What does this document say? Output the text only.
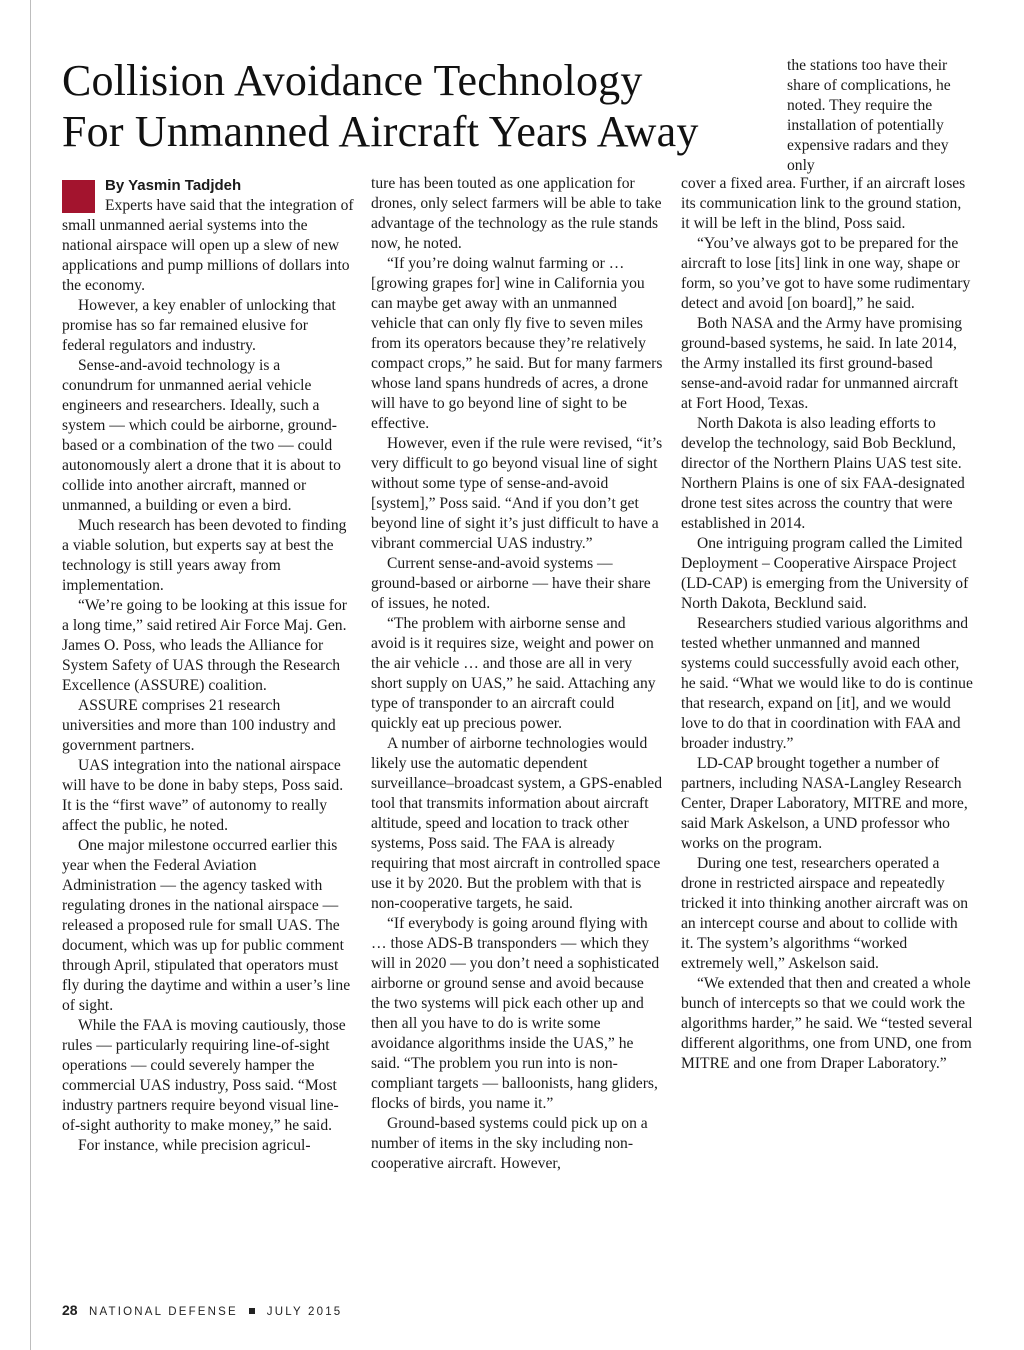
Collision Avoidance Technology
For Unmanned Aircraft Years Away

the stations too have their share of complications, he noted. They require the installation of potentially expensive radars and they only

By Yasmin Tadjdeh

Experts have said that the integration of small unmanned aerial systems into the national airspace will open up a slew of new applications and pump millions of dollars into the economy.

However, a key enabler of unlocking that promise has so far remained elusive for federal regulators and industry.

Sense-and-avoid technology is a conundrum for unmanned aerial vehicle engineers and researchers. Ideally, such a system — which could be airborne, ground-based or a combination of the two — could autonomously alert a drone that it is about to collide into another aircraft, manned or unmanned, a building or even a bird.

Much research has been devoted to finding a viable solution, but experts say at best the technology is still years away from implementation.

“We’re going to be looking at this issue for a long time,” said retired Air Force Maj. Gen. James O. Poss, who leads the Alliance for System Safety of UAS through the Research Excellence (ASSURE) coalition.

ASSURE comprises 21 research universities and more than 100 industry and government partners.

UAS integration into the national airspace will have to be done in baby steps, Poss said. It is the “first wave” of autonomy to really affect the public, he noted.

One major milestone occurred earlier this year when the Federal Aviation Administration — the agency tasked with regulating drones in the national airspace — released a proposed rule for small UAS. The document, which was up for public comment through April, stipulated that operators must fly during the daytime and within a user’s line of sight.

While the FAA is moving cautiously, those rules — particularly requiring line-of-sight operations — could severely hamper the commercial UAS industry, Poss said. “Most industry partners require beyond visual line-of-sight authority to make money,” he said.

For instance, while precision agricul-

ture has been touted as one application for drones, only select farmers will be able to take advantage of the technology as the rule stands now, he noted.

“If you’re doing walnut farming or … [growing grapes for] wine in California you can maybe get away with an unmanned vehicle that can only fly five to seven miles from its operators because they’re relatively compact crops,” he said. But for many farmers whose land spans hundreds of acres, a drone will have to go beyond line of sight to be effective.

However, even if the rule were revised, “it’s very difficult to go beyond visual line of sight without some type of sense-and-avoid [system],” Poss said. “And if you don’t get beyond line of sight it’s just difficult to have a vibrant commercial UAS industry.”

Current sense-and-avoid systems — ground-based or airborne — have their share of issues, he noted.

“The problem with airborne sense and avoid is it requires size, weight and power on the air vehicle … and those are all in very short supply on UAS,” he said. Attaching any type of transponder to an aircraft could quickly eat up precious power.

A number of airborne technologies would likely use the automatic dependent surveillance–broadcast system, a GPS-enabled tool that transmits information about aircraft altitude, speed and location to track other systems, Poss said. The FAA is already requiring that most aircraft in controlled space use it by 2020. But the problem with that is non-cooperative targets, he said.

“If everybody is going around flying with … those ADS-B transponders — which they will in 2020 — you don’t need a sophisticated airborne or ground sense and avoid because the two systems will pick each other up and then all you have to do is write some avoidance algorithms inside the UAS,” he said. “The problem you run into is non-compliant targets — balloonists, hang gliders, flocks of birds, you name it.”

Ground-based systems could pick up on a number of items in the sky including non-cooperative aircraft. However,

cover a fixed area. Further, if an aircraft loses its communication link to the ground station, it will be left in the blind, Poss said.

“You’ve always got to be prepared for the aircraft to lose [its] link in one way, shape or form, so you’ve got to have some rudimentary detect and avoid [on board],” he said.

Both NASA and the Army have promising ground-based systems, he said. In late 2014, the Army installed its first ground-based sense-and-avoid radar for unmanned aircraft at Fort Hood, Texas.

North Dakota is also leading efforts to develop the technology, said Bob Becklund, director of the Northern Plains UAS test site. Northern Plains is one of six FAA-designated drone test sites across the country that were established in 2014.

One intriguing program called the Limited Deployment – Cooperative Airspace Project (LD-CAP) is emerging from the University of North Dakota, Becklund said.

Researchers studied various algorithms and tested whether unmanned and manned systems could successfully avoid each other, he said. “What we would like to do is continue that research, expand on [it], and we would love to do that in coordination with FAA and broader industry.”

LD-CAP brought together a number of partners, including NASA-Langley Research Center, Draper Laboratory, MITRE and more, said Mark Askelson, a UND professor who works on the program.

During one test, researchers operated a drone in restricted airspace and repeatedly tricked it into thinking another aircraft was on an intercept course and about to collide with it. The system’s algorithms “worked extremely well,” Askelson said.

“We extended that then and created a whole bunch of intercepts so that we could work the algorithms harder,” he said. We “tested several different algorithms, one from UND, one from MITRE and one from Draper Laboratory.”

28 NATIONAL DEFENSE	JULY 2015
